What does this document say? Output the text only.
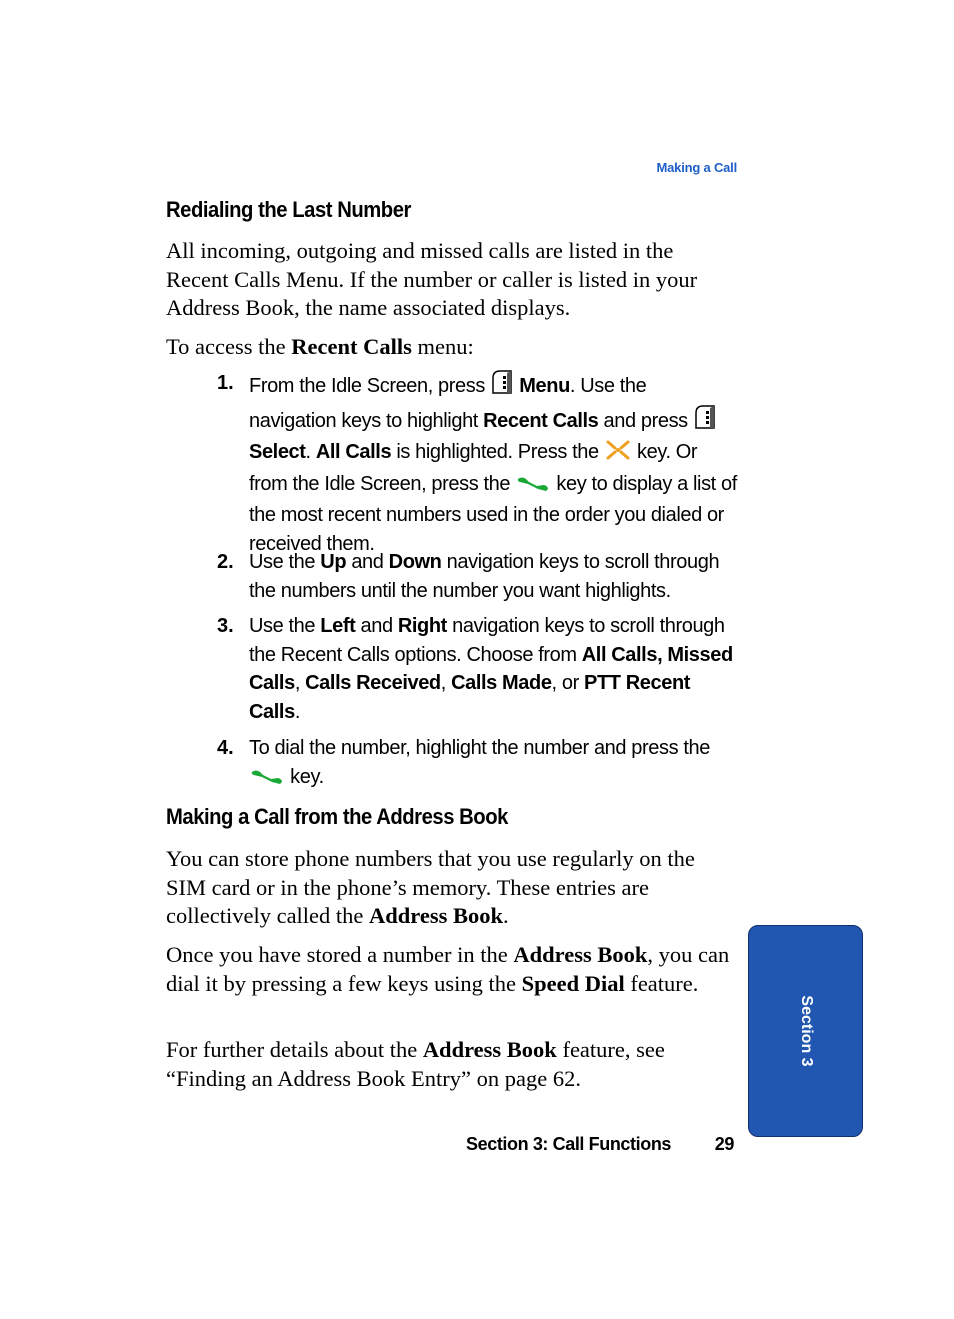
Making a Call
Redialing the Last Number
All incoming, outgoing and missed calls are listed in the Recent Calls Menu. If the number or caller is listed in your Address Book, the name associated displays.
To access the Recent Calls menu:
1. From the Idle Screen, press  Menu. Use the navigation keys to highlight Recent Calls and press  Select. All Calls is highlighted. Press the  key. Or from the Idle Screen, press the  key to display a list of the most recent numbers used in the order you dialed or received them.
2. Use the Up and Down navigation keys to scroll through the numbers until the number you want highlights.
3. Use the Left and Right navigation keys to scroll through the Recent Calls options. Choose from All Calls, Missed Calls, Calls Received, Calls Made, or PTT Recent Calls.
4. To dial the number, highlight the number and press the  key.
Making a Call from the Address Book
You can store phone numbers that you use regularly on the SIM card or in the phone’s memory. These entries are collectively called the Address Book.
Once you have stored a number in the Address Book, you can dial it by pressing a few keys using the Speed Dial feature.
For further details about the Address Book feature, see “Finding an Address Book Entry” on page 62.
Section 3
Section 3: Call Functions 29
